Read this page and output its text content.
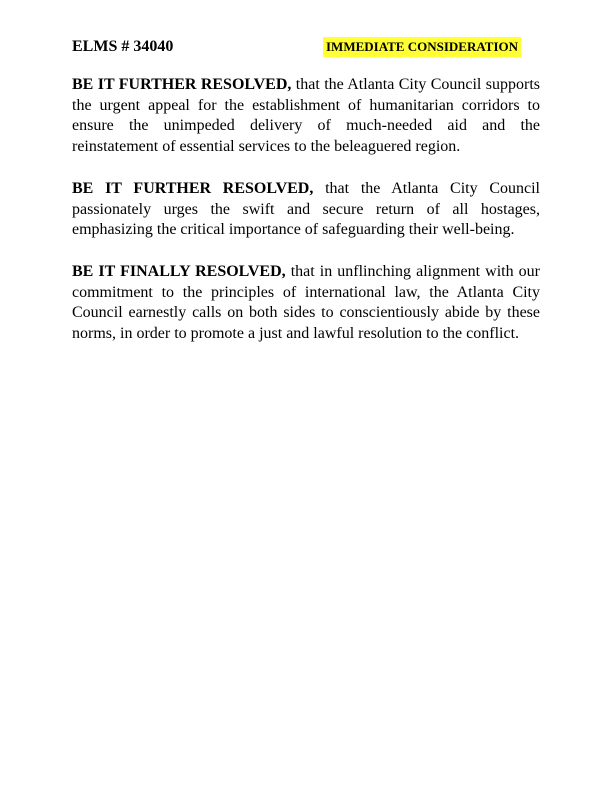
ELMS # 34040	IMMEDIATE CONSIDERATION

BE IT FURTHER RESOLVED, that the Atlanta City Council supports the urgent appeal for the establishment of humanitarian corridors to ensure the unimpeded delivery of much-needed aid and the reinstatement of essential services to the beleaguered region.

BE IT FURTHER RESOLVED, that the Atlanta City Council passionately urges the swift and secure return of all hostages, emphasizing the critical importance of safeguarding their well-being.

BE IT FINALLY RESOLVED, that in unflinching alignment with our commitment to the principles of international law, the Atlanta City Council earnestly calls on both sides to conscientiously abide by these norms, in order to promote a just and lawful resolution to the conflict.
